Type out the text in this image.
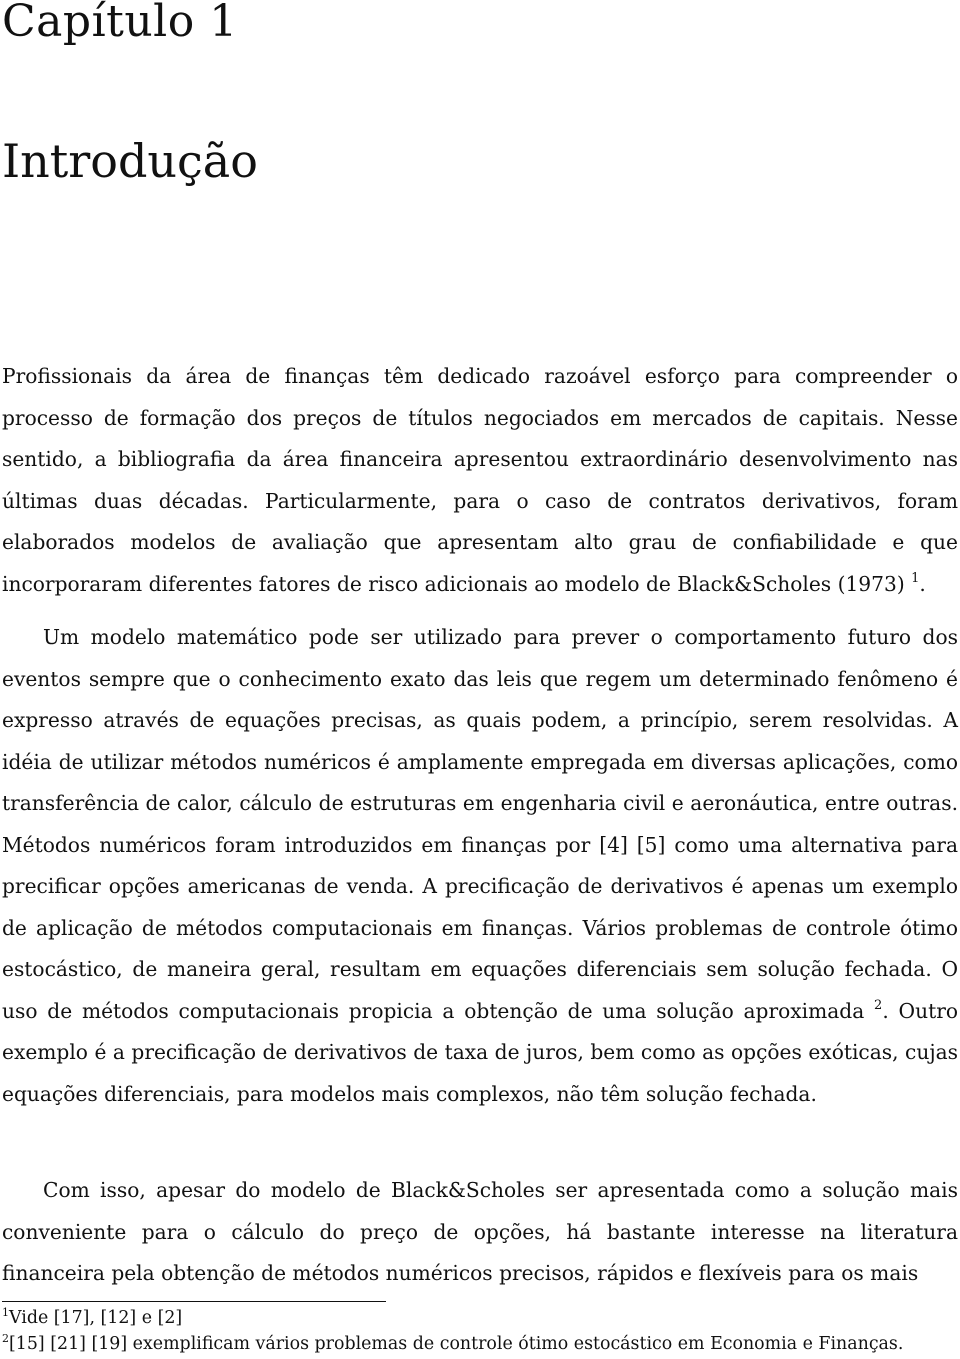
Capítulo 1
Introdução

Profissionais da área de finanças têm dedicado razoável esforço para compreender o processo de formação dos preços de títulos negociados em mercados de capitais. Nesse sentido, a bibliografia da área financeira apresentou extraordinário desenvolvimento nas últimas duas décadas. Particularmente, para o caso de contratos derivativos, foram elaborados modelos de avaliação que apresentam alto grau de confiabilidade e que incorporaram diferentes fatores de risco adicionais ao modelo de Black&Scholes (1973) $^1$.

Um modelo matemático pode ser utilizado para prever o comportamento futuro dos eventos sempre que o conhecimento exato das leis que regem um determinado fenômeno é expresso através de equações precisas, as quais podem, a princípio, serem resolvidas. A idéia de utilizar métodos numéricos é amplamente empregada em diversas aplicações, como transferência de calor, cálculo de estruturas em engenharia civil e aeronáutica, entre outras. Métodos numéricos foram introduzidos em finanças por [4] [5] como uma alternativa para precificar opções americanas de venda. A precificação de derivativos é apenas um exemplo de aplicação de métodos computacionais em finanças. Vários problemas de controle ótimo estocástico, de maneira geral, resultam em equações diferenciais sem solução fechada. O uso de métodos computacionais propicia a obtenção de uma solução aproximada $^2$. Outro exemplo é a precificação de derivativos de taxa de juros, bem como as opções exóticas, cujas equações diferenciais, para modelos mais complexos, não têm solução fechada.

Com isso, apesar do modelo de Black&Scholes ser apresentada como a solução mais conveniente para o cálculo do preço de opções, há bastante interesse na literatura financeira pela obtenção de métodos numéricos precisos, rápidos e flexíveis para os mais

$^1$Vide [17], [12] e [2]

$^2$[15] [21] [19] exemplificam vários problemas de controle ótimo estocástico em Economia e Finanças.
